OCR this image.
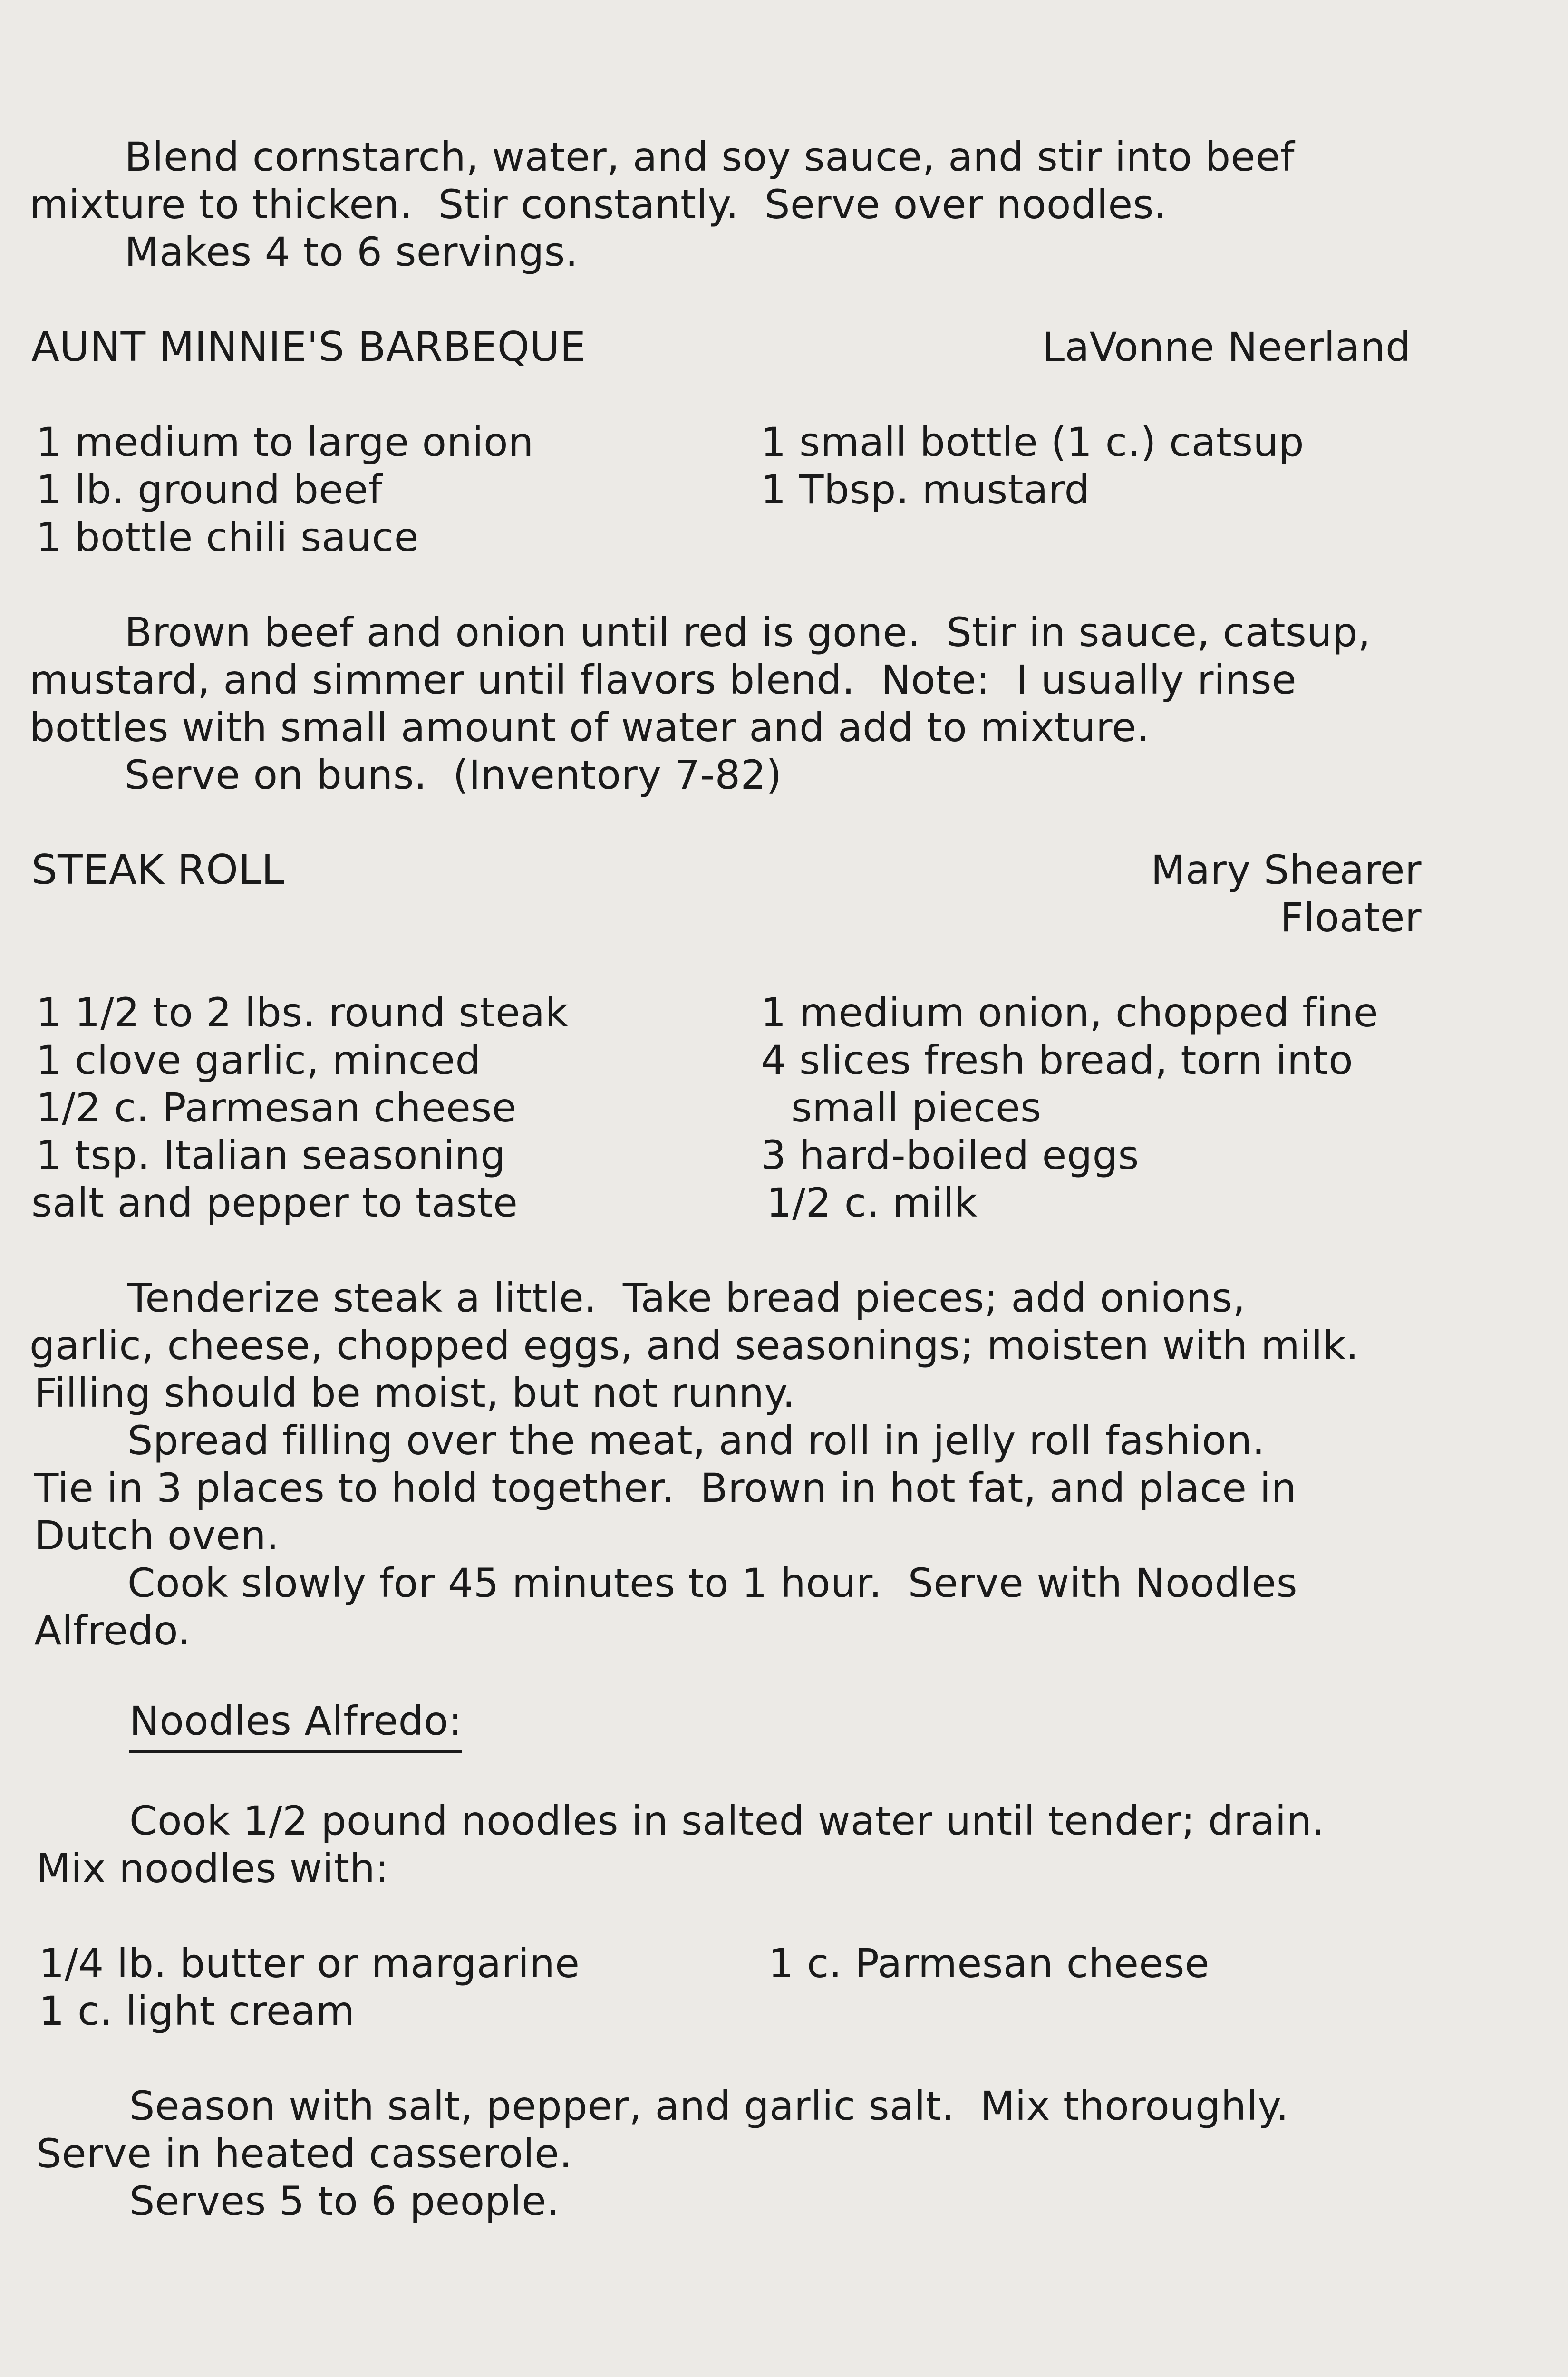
Blend cornstarch, water, and soy sauce, and stir into beef
mixture to thicken.  Stir constantly.  Serve over noodles.
Makes 4 to 6 servings.
AUNT MINNIE'S BARBEQUE	LaVonne Neerland
1 medium to large onion
1 lb. ground beef
1 bottle chili sauce
1 small bottle (1 c.) catsup
1 Tbsp. mustard
Brown beef and onion until red is gone.  Stir in sauce, catsup,
mustard, and simmer until flavors blend.  Note:  I usually rinse
bottles with small amount of water and add to mixture.
Serve on buns.  (Inventory 7-82)
STEAK ROLL	Mary Shearer
Floater
1 1/2 to 2 lbs. round steak
1 clove garlic, minced
1/2 c. Parmesan cheese
1 tsp. Italian seasoning
salt and pepper to taste
1 medium onion, chopped fine
4 slices fresh bread, torn into
small pieces
3 hard-boiled eggs
1/2 c. milk
Tenderize steak a little.  Take bread pieces; add onions,
garlic, cheese, chopped eggs, and seasonings; moisten with milk.
Filling should be moist, but not runny.
Spread filling over the meat, and roll in jelly roll fashion.
Tie in 3 places to hold together.  Brown in hot fat, and place in
Dutch oven.
Cook slowly for 45 minutes to 1 hour.  Serve with Noodles
Alfredo.
Noodles Alfredo:
Cook 1/2 pound noodles in salted water until tender; drain.
Mix noodles with:
1/4 lb. butter or margarine
1 c. light cream
1 c. Parmesan cheese
Season with salt, pepper, and garlic salt.  Mix thoroughly.
Serve in heated casserole.
Serves 5 to 6 people.
